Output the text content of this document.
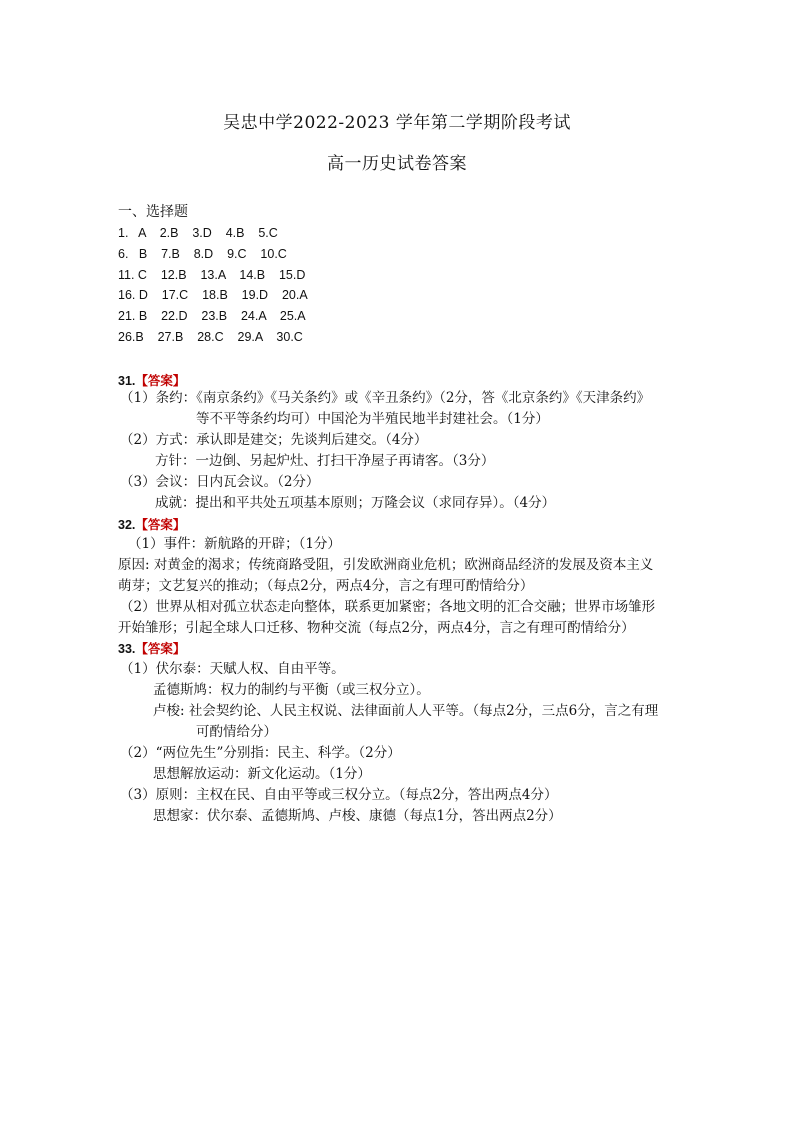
吴忠中学2022-2023 学年第二学期阶段考试
高一历史试卷答案
一、选择题
1.   A    2.B    3.D    4.B    5.C
6.   B    7.B    8.D    9.C    10.C
11. C    12.B    13.A    14.B    15.D
16. D    17.C    18.B    19.D    20.A
21. B    22.D    23.B    24.A    25.A
26.B    27.B    28.C    29.A    30.C
31.【答案】
（1）条约：《南京条约》《马关条约》或《辛丑条约》（2分，答《北京条约》《天津条约》
等不平等条约均可）中国沦为半殖民地半封建社会。（1分）
（2）方式：承认即是建交；先谈判后建交。（4分）
方针：一边倒、另起炉灶、打扫干净屋子再请客。（3分）
（3）会议：日内瓦会议。（2分）
成就：提出和平共处五项基本原则；万隆会议（求同存异）。（4分）
32.【答案】
（1）事件：新航路的开辟；（1分）
原因: 对黄金的渴求；传统商路受阻，引发欧洲商业危机；欧洲商品经济的发展及资本主义
萌芽；文艺复兴的推动；（每点2分，两点4分，言之有理可酌情给分）
（2）世界从相对孤立状态走向整体，联系更加紧密；各地文明的汇合交融；世界市场雏形
开始雏形；引起全球人口迁移、物种交流（每点2分，两点4分，言之有理可酌情给分）
33.【答案】
（1）伏尔泰：天赋人权、自由平等。
孟德斯鸠：权力的制约与平衡（或三权分立）。
卢梭: 社会契约论、人民主权说、法律面前人人平等。（每点2分，三点6分，言之有理
可酌情给分）
（2）“两位先生”分别指：民主、科学。（2分）
思想解放运动：新文化运动。（1分）
（3）原则：主权在民、自由平等或三权分立。（每点2分，答出两点4分）
思想家：伏尔泰、孟德斯鸠、卢梭、康德（每点1分，答出两点2分）
